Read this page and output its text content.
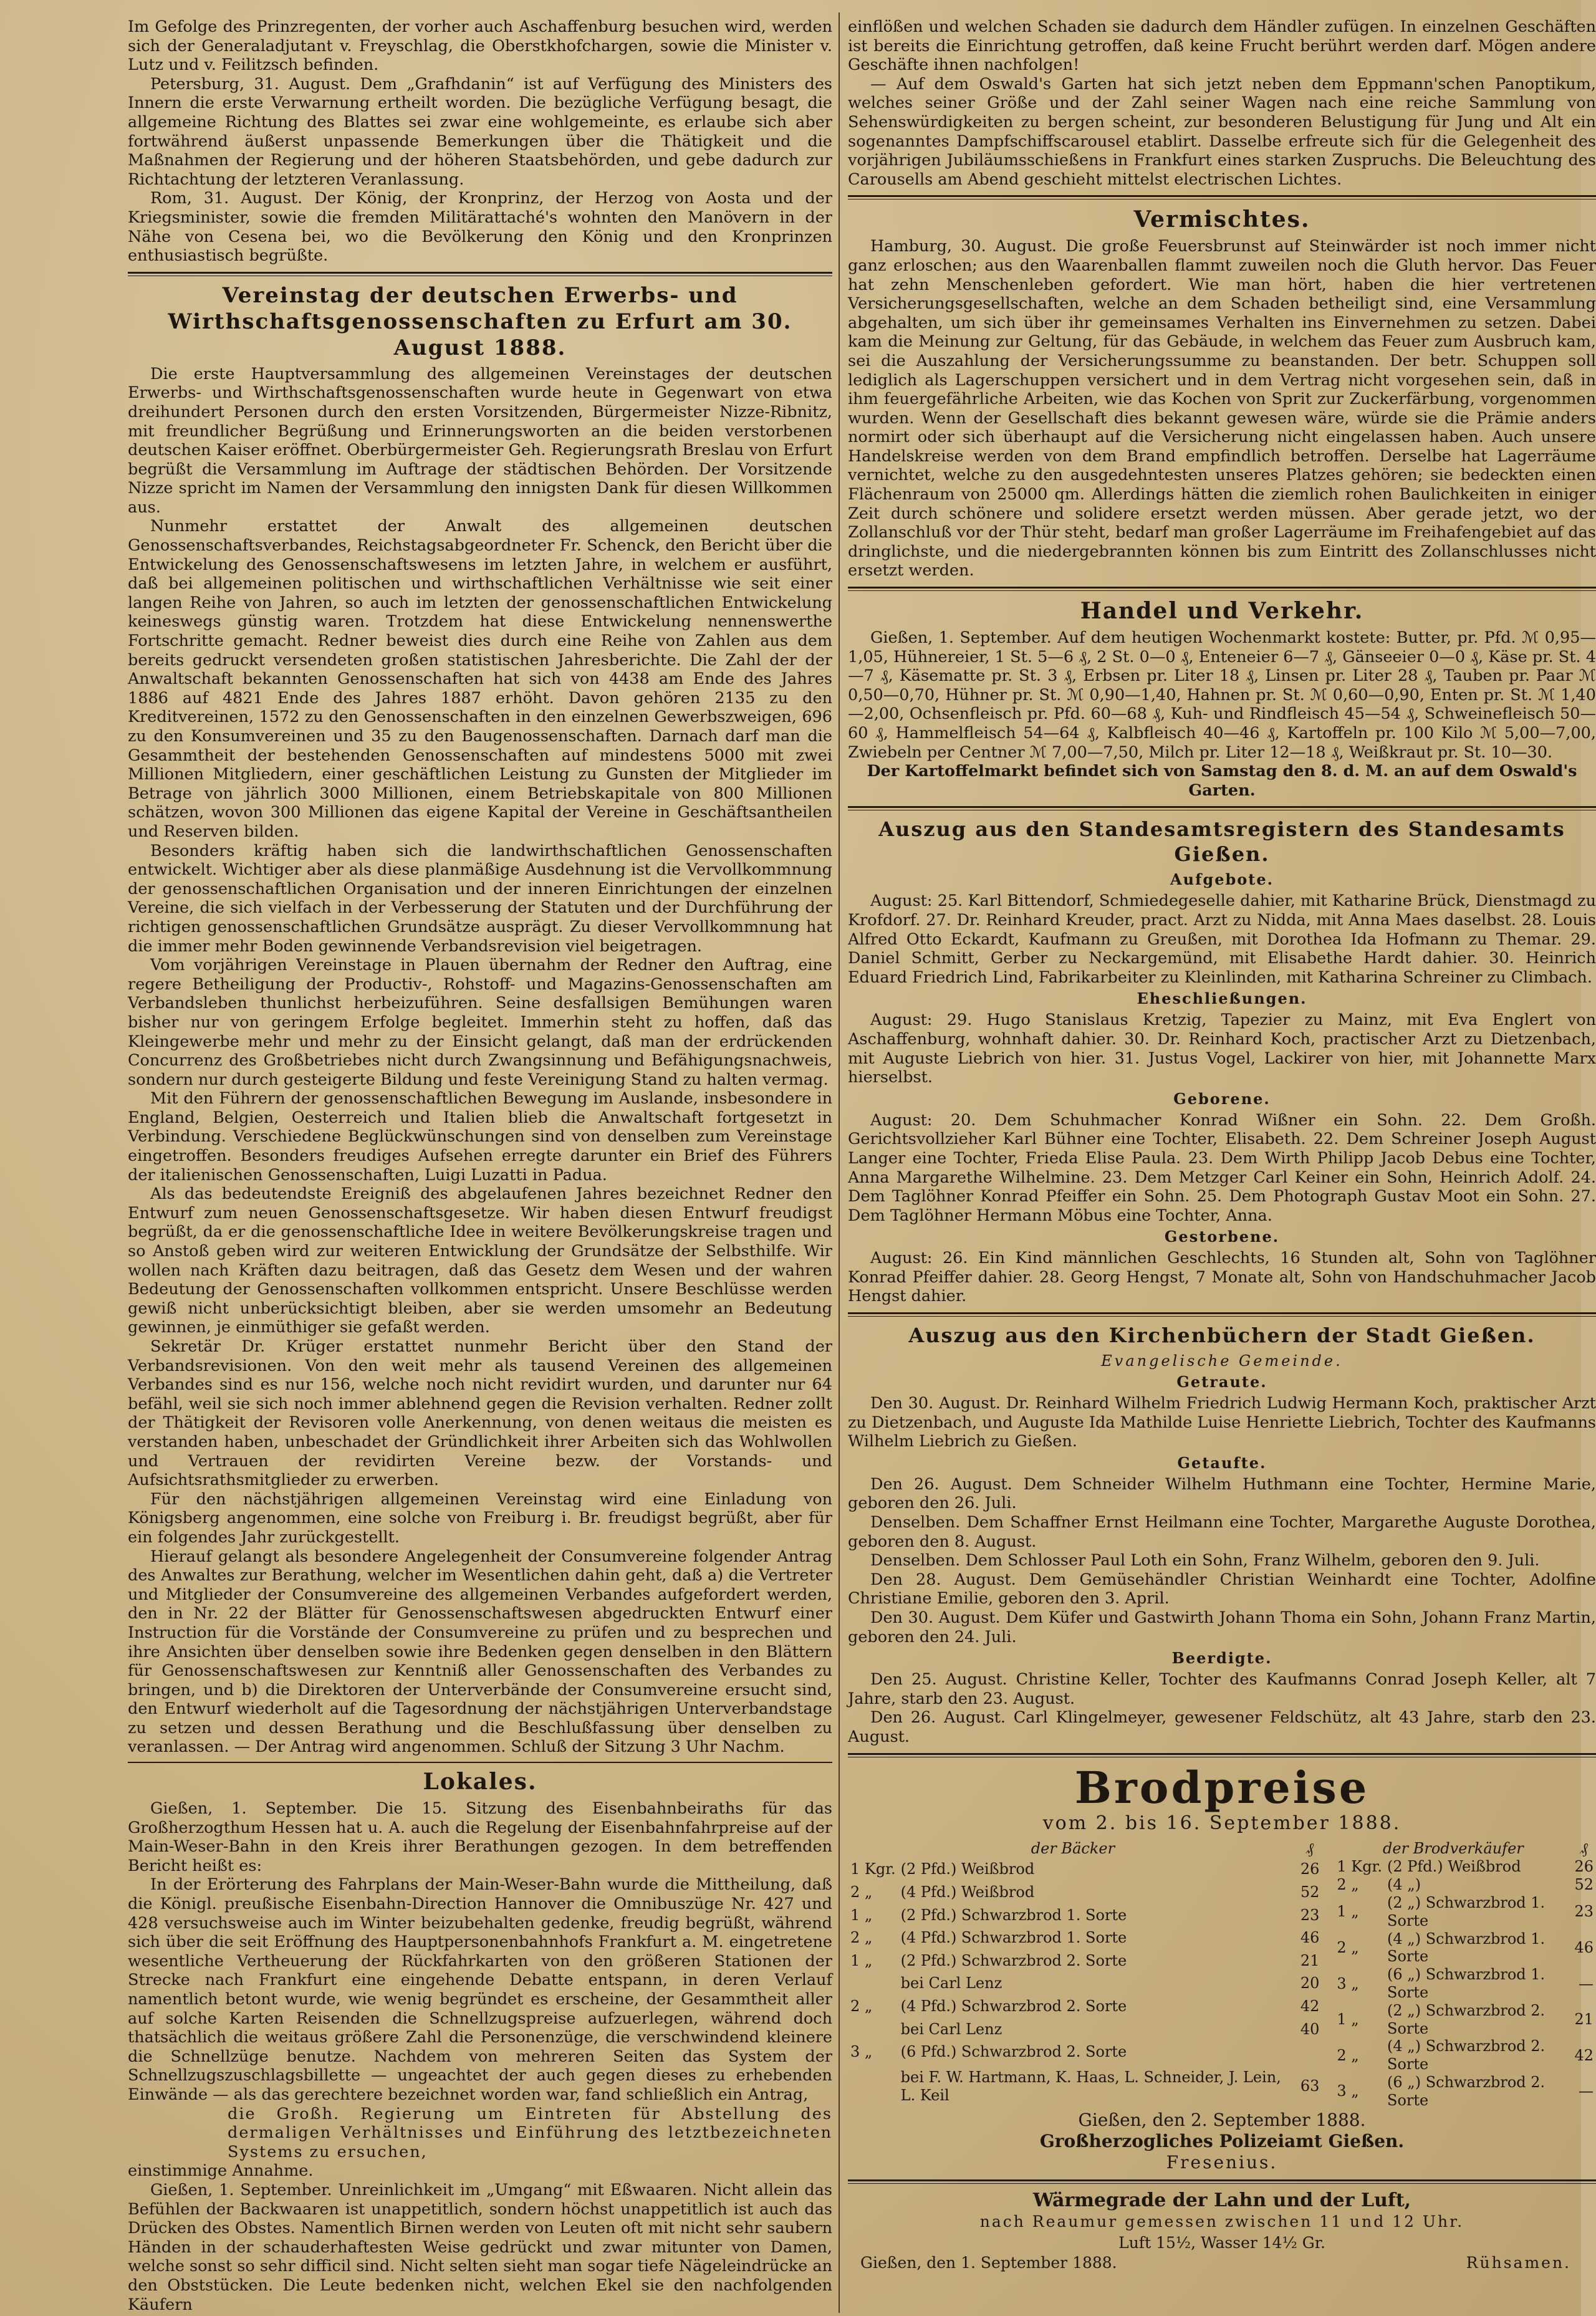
Im Gefolge des Prinzregenten, der vorher auch Aschaffenburg besuchen wird, werden sich der Generaladjutant v. Freyschlag, die Oberstkhofchargen, sowie die Minister v. Lutz und v. Feilitzsch befinden.

Petersburg, 31. August. Dem „Grafhdanin“ ist auf Verfügung des Ministers des Innern die erste Verwarnung ertheilt worden. Die bezügliche Verfügung besagt, die allgemeine Richtung des Blattes sei zwar eine wohlgemeinte, es erlaube sich aber fortwährend äußerst unpassende Bemerkungen über die Thätigkeit und die Maßnahmen der Regierung und der höheren Staatsbehörden, und gebe dadurch zur Richtachtung der letzteren Veranlassung.

Rom, 31. August. Der König, der Kronprinz, der Herzog von Aosta und der Kriegsminister, sowie die fremden Militärattaché's wohnten den Manövern in der Nähe von Cesena bei, wo die Bevölkerung den König und den Kronprinzen enthusiastisch begrüßte.

Vereinstag der deutschen Erwerbs- und Wirthschaftsgenossenschaften zu Erfurt am 30. August 1888.

Die erste Hauptversammlung des allgemeinen Vereinstages der deutschen Erwerbs- und Wirthschaftsgenossenschaften wurde heute in Gegenwart von etwa dreihundert Personen durch den ersten Vorsitzenden, Bürgermeister Nizze-Ribnitz, mit freundlicher Begrüßung und Erinnerungsworten an die beiden verstorbenen deutschen Kaiser eröffnet. Oberbürgermeister Geh. Regierungsrath Breslau von Erfurt begrüßt die Versammlung im Auftrage der städtischen Behörden. Der Vorsitzende Nizze spricht im Namen der Versammlung den innigsten Dank für diesen Willkommen aus.

Nunmehr erstattet der Anwalt des allgemeinen deutschen Genossenschaftsverbandes, Reichstagsabgeordneter Fr. Schenck, den Bericht über die Entwickelung des Genossenschaftswesens im letzten Jahre, in welchem er ausführt, daß bei allgemeinen politischen und wirthschaftlichen Verhältnisse wie seit einer langen Reihe von Jahren, so auch im letzten der genossenschaftlichen Entwickelung keineswegs günstig waren. Trotzdem hat diese Entwickelung nennenswerthe Fortschritte gemacht. Redner beweist dies durch eine Reihe von Zahlen aus dem bereits gedruckt versendeten großen statistischen Jahresberichte. Die Zahl der der Anwaltschaft bekannten Genossenschaften hat sich von 4438 am Ende des Jahres 1886 auf 4821 Ende des Jahres 1887 erhöht. Davon gehören 2135 zu den Kreditvereinen, 1572 zu den Genossenschaften in den einzelnen Gewerbszweigen, 696 zu den Konsumvereinen und 35 zu den Baugenossenschaften. Darnach darf man die Gesammtheit der bestehenden Genossenschaften auf mindestens 5000 mit zwei Millionen Mitgliedern, einer geschäftlichen Leistung zu Gunsten der Mitglieder im Betrage von jährlich 3000 Millionen, einem Betriebskapitale von 800 Millionen schätzen, wovon 300 Millionen das eigene Kapital der Vereine in Geschäftsantheilen und Reserven bilden.

Besonders kräftig haben sich die landwirthschaftlichen Genossenschaften entwickelt. Wichtiger aber als diese planmäßige Ausdehnung ist die Vervollkommnung der genossenschaftlichen Organisation und der inneren Einrichtungen der einzelnen Vereine, die sich vielfach in der Verbesserung der Statuten und der Durchführung der richtigen genossenschaftlichen Grundsätze ausprägt. Zu dieser Vervollkommnung hat die immer mehr Boden gewinnende Verbandsrevision viel beigetragen.

Vom vorjährigen Vereinstage in Plauen übernahm der Redner den Auftrag, eine regere Betheiligung der Productiv-, Rohstoff- und Magazins-Genossenschaften am Verbandsleben thunlichst herbeizuführen. Seine desfallsigen Bemühungen waren bisher nur von geringem Erfolge begleitet. Immerhin steht zu hoffen, daß das Kleingewerbe mehr und mehr zu der Einsicht gelangt, daß man der erdrückenden Concurrenz des Großbetriebes nicht durch Zwangsinnung und Befähigungsnachweis, sondern nur durch gesteigerte Bildung und feste Vereinigung Stand zu halten vermag.

Mit den Führern der genossenschaftlichen Bewegung im Auslande, insbesondere in England, Belgien, Oesterreich und Italien blieb die Anwaltschaft fortgesetzt in Verbindung. Verschiedene Beglückwünschungen sind von denselben zum Vereinstage eingetroffen. Besonders freudiges Aufsehen erregte darunter ein Brief des Führers der italienischen Genossenschaften, Luigi Luzatti in Padua.

Als das bedeutendste Ereigniß des abgelaufenen Jahres bezeichnet Redner den Entwurf zum neuen Genossenschaftsgesetze. Wir haben diesen Entwurf freudigst begrüßt, da er die genossenschaftliche Idee in weitere Bevölkerungskreise tragen und so Anstoß geben wird zur weiteren Entwicklung der Grundsätze der Selbsthilfe. Wir wollen nach Kräften dazu beitragen, daß das Gesetz dem Wesen und der wahren Bedeutung der Genossenschaften vollkommen entspricht. Unsere Beschlüsse werden gewiß nicht unberücksichtigt bleiben, aber sie werden umsomehr an Bedeutung gewinnen, je einmüthiger sie gefaßt werden.

Sekretär Dr. Krüger erstattet nunmehr Bericht über den Stand der Verbandsrevisionen. Von den weit mehr als tausend Vereinen des allgemeinen Verbandes sind es nur 156, welche noch nicht revidirt wurden, und darunter nur 64 befähl, weil sie sich noch immer ablehnend gegen die Revision verhalten. Redner zollt der Thätigkeit der Revisoren volle Anerkennung, von denen weitaus die meisten es verstanden haben, unbeschadet der Gründlichkeit ihrer Arbeiten sich das Wohlwollen und Vertrauen der revidirten Vereine bezw. der Vorstands- und Aufsichtsrathsmitglieder zu erwerben.

Für den nächstjährigen allgemeinen Vereinstag wird eine Einladung von Königsberg angenommen, eine solche von Freiburg i. Br. freudigst begrüßt, aber für ein folgendes Jahr zurückgestellt.

Hierauf gelangt als besondere Angelegenheit der Consumvereine folgender Antrag des Anwaltes zur Berathung, welcher im Wesentlichen dahin geht, daß a) die Vertreter und Mitglieder der Consumvereine des allgemeinen Verbandes aufgefordert werden, den in Nr. 22 der Blätter für Genossenschaftswesen abgedruckten Entwurf einer Instruction für die Vorstände der Consumvereine zu prüfen und zu besprechen und ihre Ansichten über denselben sowie ihre Bedenken gegen denselben in den Blättern für Genossenschaftswesen zur Kenntniß aller Genossenschaften des Verbandes zu bringen, und b) die Direktoren der Unterverbände der Consumvereine ersucht sind, den Entwurf wiederholt auf die Tagesordnung der nächstjährigen Unterverbandstage zu setzen und dessen Berathung und die Beschlußfassung über denselben zu veranlassen. — Der Antrag wird angenommen. Schluß der Sitzung 3 Uhr Nachm.

Lokales.

Gießen, 1. September. Die 15. Sitzung des Eisenbahnbeiraths für das Großherzogthum Hessen hat u. A. auch die Regelung der Eisenbahnfahrpreise auf der Main-Weser-Bahn in den Kreis ihrer Berathungen gezogen. In dem betreffenden Bericht heißt es:

In der Erörterung des Fahrplans der Main-Weser-Bahn wurde die Mittheilung, daß die Königl. preußische Eisenbahn-Direction Hannover die Omnibuszüge Nr. 427 und 428 versuchsweise auch im Winter beizubehalten gedenke, freudig begrüßt, während sich über die seit Eröffnung des Hauptpersonenbahnhofs Frankfurt a. M. eingetretene wesentliche Vertheuerung der Rückfahrkarten von den größeren Stationen der Strecke nach Frankfurt eine eingehende Debatte entspann, in deren Verlauf namentlich betont wurde, wie wenig begründet es erscheine, der Gesammtheit aller auf solche Karten Reisenden die Schnellzugspreise aufzuerlegen, während doch thatsächlich die weitaus größere Zahl die Personenzüge, die verschwindend kleinere die Schnellzüge benutze. Nachdem von mehreren Seiten das System der Schnellzugszuschlagsbillette — ungeachtet der auch gegen dieses zu erhebenden Einwände — als das gerechtere bezeichnet worden war, fand schließlich ein Antrag,

die Großh. Regierung um Eintreten für Abstellung des dermaligen Verhältnisses und Einführung des letztbezeichneten Systems zu ersuchen,

einstimmige Annahme.

Gießen, 1. September. Unreinlichkeit im „Umgang“ mit Eßwaaren. Nicht allein das Befühlen der Backwaaren ist unappetitlich, sondern höchst unappetitlich ist auch das Drücken des Obstes. Namentlich Birnen werden von Leuten oft mit nicht sehr saubern Händen in der schauderhaftesten Weise gedrückt und zwar mitunter von Damen, welche sonst so sehr difficil sind. Nicht selten sieht man sogar tiefe Nägeleindrücke an den Obststücken. Die Leute bedenken nicht, welchen Ekel sie den nachfolgenden Käufern

einflößen und welchen Schaden sie dadurch dem Händler zufügen. In einzelnen Geschäften ist bereits die Einrichtung getroffen, daß keine Frucht berührt werden darf. Mögen andere Geschäfte ihnen nachfolgen!

— Auf dem Oswald's Garten hat sich jetzt neben dem Eppmann'schen Panoptikum, welches seiner Größe und der Zahl seiner Wagen nach eine reiche Sammlung von Sehenswürdigkeiten zu bergen scheint, zur besonderen Belustigung für Jung und Alt ein sogenanntes Dampfschiffscarousel etablirt. Dasselbe erfreute sich für die Gelegenheit des vorjährigen Jubiläumsschießens in Frankfurt eines starken Zuspruchs. Die Beleuchtung des Carousells am Abend geschieht mittelst electrischen Lichtes.

Vermischtes.

Hamburg, 30. August. Die große Feuersbrunst auf Steinwärder ist noch immer nicht ganz erloschen; aus den Waarenballen flammt zuweilen noch die Gluth hervor. Das Feuer hat zehn Menschenleben gefordert. Wie man hört, haben die hier vertretenen Versicherungsgesellschaften, welche an dem Schaden betheiligt sind, eine Versammlung abgehalten, um sich über ihr gemeinsames Verhalten ins Einvernehmen zu setzen. Dabei kam die Meinung zur Geltung, für das Gebäude, in welchem das Feuer zum Ausbruch kam, sei die Auszahlung der Versicherungssumme zu beanstanden. Der betr. Schuppen soll lediglich als Lagerschuppen versichert und in dem Vertrag nicht vorgesehen sein, daß in ihm feuergefährliche Arbeiten, wie das Kochen von Sprit zur Zuckerfärbung, vorgenommen wurden. Wenn der Gesellschaft dies bekannt gewesen wäre, würde sie die Prämie anders normirt oder sich überhaupt auf die Versicherung nicht eingelassen haben. Auch unsere Handelskreise werden von dem Brand empfindlich betroffen. Derselbe hat Lagerräume vernichtet, welche zu den ausgedehntesten unseres Platzes gehören; sie bedeckten einen Flächenraum von 25000 qm. Allerdings hätten die ziemlich rohen Baulichkeiten in einiger Zeit durch schönere und solidere ersetzt werden müssen. Aber gerade jetzt, wo der Zollanschluß vor der Thür steht, bedarf man großer Lagerräume im Freihafengebiet auf das dringlichste, und die niedergebrannten können bis zum Eintritt des Zollanschlusses nicht ersetzt werden.

Handel und Verkehr.

Gießen, 1. September. Auf dem heutigen Wochenmarkt kostete: Butter, pr. Pfd. ℳ 0,95—1,05, Hühnereier, 1 St. 5—6 ₰, 2 St. 0—0 ₰, Enteneier 6—7 ₰, Gänseeier 0—0 ₰, Käse pr. St. 4—7 ₰, Käsematte pr. St. 3 ₰, Erbsen pr. Liter 18 ₰, Linsen pr. Liter 28 ₰, Tauben pr. Paar ℳ 0,50—0,70, Hühner pr. St. ℳ 0,90—1,40, Hahnen pr. St. ℳ 0,60—0,90, Enten pr. St. ℳ 1,40—2,00, Ochsenfleisch pr. Pfd. 60—68 ₰, Kuh- und Rindfleisch 45—54 ₰, Schweinefleisch 50—60 ₰, Hammelfleisch 54—64 ₰, Kalbfleisch 40—46 ₰, Kartoffeln pr. 100 Kilo ℳ 5,00—7,00, Zwiebeln per Centner ℳ 7,00—7,50, Milch pr. Liter 12—18 ₰, Weißkraut pr. St. 10—30.

Der Kartoffelmarkt befindet sich von Samstag den 8. d. M. an auf dem Oswald's Garten.

Auszug aus den Standesamtsregistern des Standesamts Gießen.
Aufgebote.

August: 25. Karl Bittendorf, Schmiedegeselle dahier, mit Katharine Brück, Dienstmagd zu Krofdorf. 27. Dr. Reinhard Kreuder, pract. Arzt zu Nidda, mit Anna Maes daselbst. 28. Louis Alfred Otto Eckardt, Kaufmann zu Greußen, mit Dorothea Ida Hofmann zu Themar. 29. Daniel Schmitt, Gerber zu Neckargemünd, mit Elisabethe Hardt dahier. 30. Heinrich Eduard Friedrich Lind, Fabrikarbeiter zu Kleinlinden, mit Katharina Schreiner zu Climbach.

Eheschließungen.

August: 29. Hugo Stanislaus Kretzig, Tapezier zu Mainz, mit Eva Englert von Aschaffenburg, wohnhaft dahier. 30. Dr. Reinhard Koch, practischer Arzt zu Dietzenbach, mit Auguste Liebrich von hier. 31. Justus Vogel, Lackirer von hier, mit Johannette Marx hierselbst.

Geborene.

August: 20. Dem Schuhmacher Konrad Wißner ein Sohn. 22. Dem Großh. Gerichtsvollzieher Karl Bühner eine Tochter, Elisabeth. 22. Dem Schreiner Joseph August Langer eine Tochter, Frieda Elise Paula. 23. Dem Wirth Philipp Jacob Debus eine Tochter, Anna Margarethe Wilhelmine. 23. Dem Metzger Carl Keiner ein Sohn, Heinrich Adolf. 24. Dem Taglöhner Konrad Pfeiffer ein Sohn. 25. Dem Photograph Gustav Moot ein Sohn. 27. Dem Taglöhner Hermann Möbus eine Tochter, Anna.

Gestorbene.

August: 26. Ein Kind männlichen Geschlechts, 16 Stunden alt, Sohn von Taglöhner Konrad Pfeiffer dahier. 28. Georg Hengst, 7 Monate alt, Sohn von Handschuhmacher Jacob Hengst dahier.

Auszug aus den Kirchenbüchern der Stadt Gießen.
Evangelische Gemeinde.
Getraute.

Den 30. August. Dr. Reinhard Wilhelm Friedrich Ludwig Hermann Koch, praktischer Arzt zu Dietzenbach, und Auguste Ida Mathilde Luise Henriette Liebrich, Tochter des Kaufmanns Wilhelm Liebrich zu Gießen.

Getaufte.

Den 26. August. Dem Schneider Wilhelm Huthmann eine Tochter, Hermine Marie, geboren den 26. Juli.

Denselben. Dem Schaffner Ernst Heilmann eine Tochter, Margarethe Auguste Dorothea, geboren den 8. August.

Denselben. Dem Schlosser Paul Loth ein Sohn, Franz Wilhelm, geboren den 9. Juli.

Den 28. August. Dem Gemüsehändler Christian Weinhardt eine Tochter, Adolfine Christiane Emilie, geboren den 3. April.

Den 30. August. Dem Küfer und Gastwirth Johann Thoma ein Sohn, Johann Franz Martin, geboren den 24. Juli.

Beerdigte.

Den 25. August. Christine Keller, Tochter des Kaufmanns Conrad Joseph Keller, alt 7 Jahre, starb den 23. August.

Den 26. August. Carl Klingelmeyer, gewesener Feldschütz, alt 43 Jahre, starb den 23. August.

Brodpreise
vom 2. bis 16. September 1888.
der Bäcker		₰
1 Kgr.	(2 Pfd.) Weißbrod	26
2 „	(4 Pfd.) Weißbrod	52
1 „	(2 Pfd.) Schwarzbrod 1. Sorte	23
2 „	(4 Pfd.) Schwarzbrod 1. Sorte	46
1 „	(2 Pfd.) Schwarzbrod 2. Sorte	21
	bei Carl Lenz	20
2 „	(4 Pfd.) Schwarzbrod 2. Sorte	42
	bei Carl Lenz	40
3 „	(6 Pfd.) Schwarzbrod 2. Sorte	
	bei F. W. Hartmann, K. Haas, L. Schneider, J. Lein, L. Keil	63
der Brodverkäufer		₰
1 Kgr.	(2 Pfd.) Weißbrod	26
2 „	(4 „)	52
1 „	(2 „) Schwarzbrod 1. Sorte	23
2 „	(4 „) Schwarzbrod 1. Sorte	46
3 „	(6 „) Schwarzbrod 1. Sorte	—
1 „	(2 „) Schwarzbrod 2. Sorte	21
2 „	(4 „) Schwarzbrod 2. Sorte	42
3 „	(6 „) Schwarzbrod 2. Sorte	—
Gießen, den 2. September 1888.
Großherzogliches Polizeiamt Gießen.
Fresenius.
Wärmegrade der Lahn und der Luft,
nach Reaumur gemessen zwischen 11 und 12 Uhr.
Luft 15½, Wasser 14½ Gr.
Gießen, den 1. September 1888.	Rühsamen.
